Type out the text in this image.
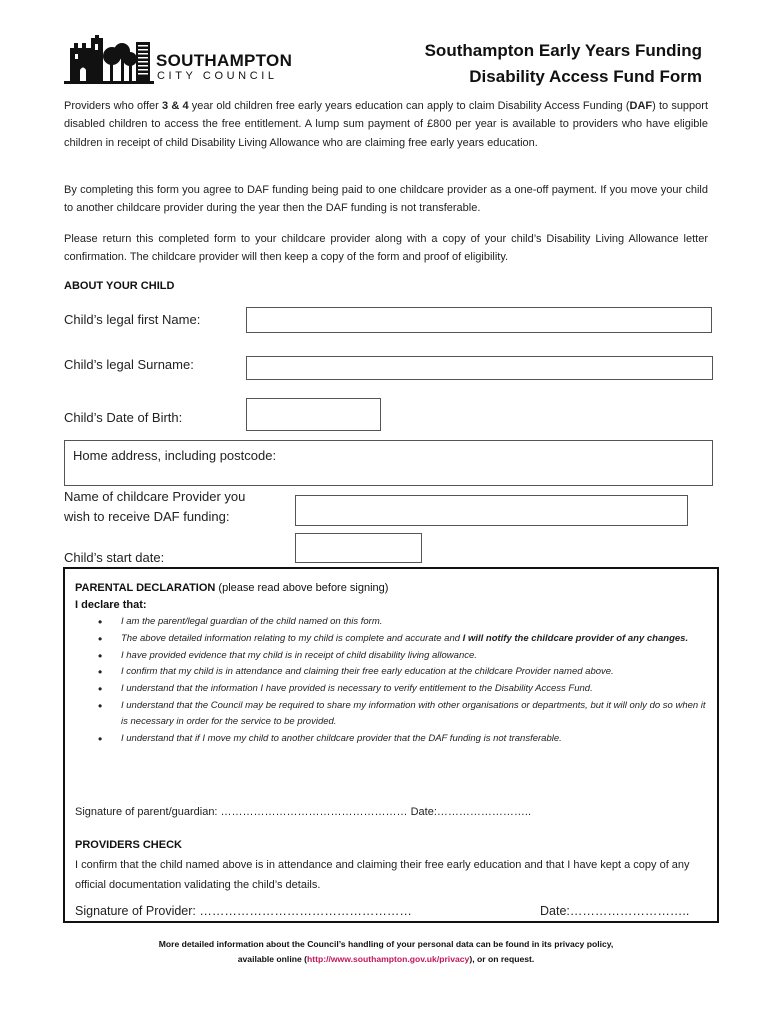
SOUTHAMPTON
CITY COUNCIL
Southampton Early Years Funding
Disability Access Fund Form
Providers who offer 3 & 4 year old children free early years education can apply to claim Disability Access Funding (DAF) to support disabled children to access the free entitlement. A lump sum payment of £800 per year is available to providers who have eligible children in receipt of child Disability Living Allowance who are claiming free early years education.
By completing this form you agree to DAF funding being paid to one childcare provider as a one-off payment. If you move your child to another childcare provider during the year then the DAF funding is not transferable.
Please return this completed form to your childcare provider along with a copy of your child’s Disability Living Allowance letter confirmation. The childcare provider will then keep a copy of the form and proof of eligibility.
ABOUT YOUR CHILD
Child’s legal first Name:
Child’s legal Surname:
Child’s Date of Birth:
Home address, including postcode:
Name of childcare Provider you wish to receive DAF funding:
Child’s start date:
PARENTAL DECLARATION (please read above before signing)
I declare that:
• I am the parent/legal guardian of the child named on this form.
• The above detailed information relating to my child is complete and accurate and I will notify the childcare provider of any changes.
• I have provided evidence that my child is in receipt of child disability living allowance.
• I confirm that my child is in attendance and claiming their free early education at the childcare Provider named above.
• I understand that the information I have provided is necessary to verify entitlement to the Disability Access Fund.
• I understand that the Council may be required to share my information with other organisations or departments, but it will only do so when it is necessary in order for the service to be provided.
• I understand that if I move my child to another childcare provider that the DAF funding is not transferable.
Signature of parent/guardian: …………………………………………… Date:……………………..
PROVIDERS CHECK
I confirm that the child named above is in attendance and claiming their free early education and that I have kept a copy of any official documentation validating the child’s details.
Signature of Provider: ……………………………………………	Date:………………………..
More detailed information about the Council’s handling of your personal data can be found in its privacy policy,
available online (http://www.southampton.gov.uk/privacy), or on request.
